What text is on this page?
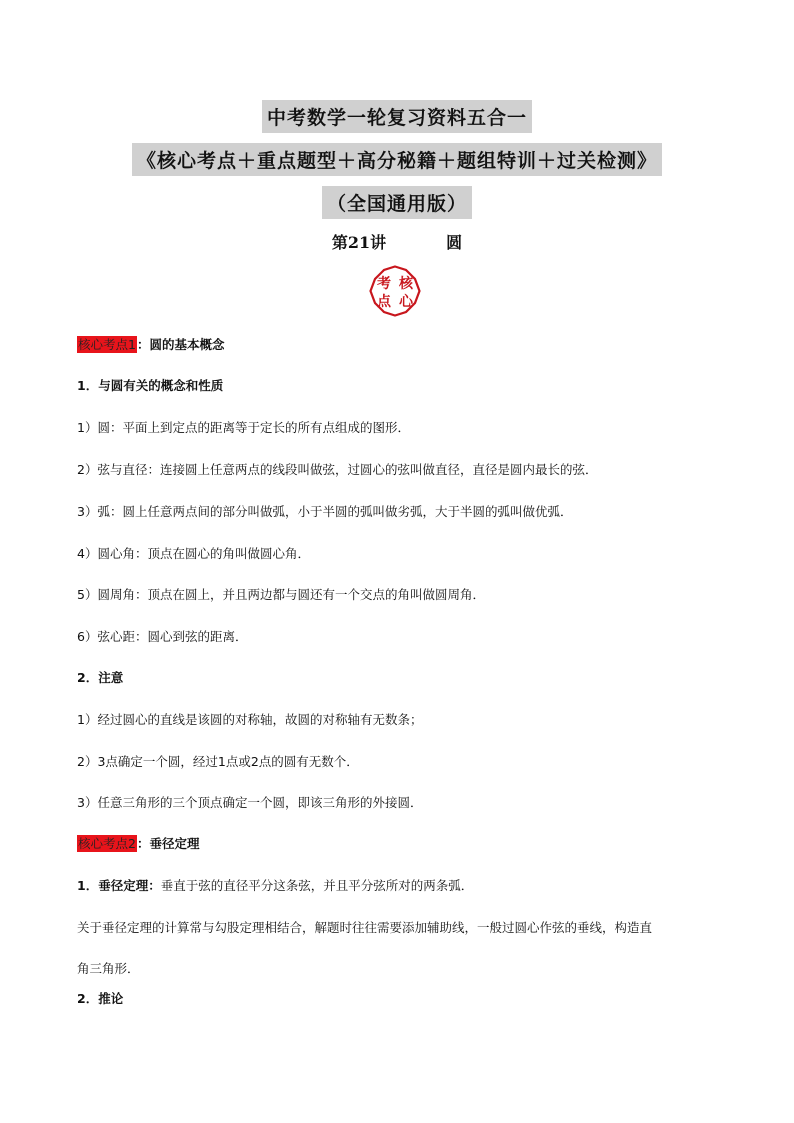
中考数学一轮复习资料五合一
《核心考点＋重点题型＋高分秘籍＋题组特训＋过关检测》
（全国通用版）
第21讲	圆
考 核
点 心
核心考点1：圆的基本概念
1．与圆有关的概念和性质
1）圆：平面上到定点的距离等于定长的所有点组成的图形．
2）弦与直径：连接圆上任意两点的线段叫做弦，过圆心的弦叫做直径，直径是圆内最长的弦．
3）弧：圆上任意两点间的部分叫做弧，小于半圆的弧叫做劣弧，大于半圆的弧叫做优弧．
4）圆心角：顶点在圆心的角叫做圆心角．
5）圆周角：顶点在圆上，并且两边都与圆还有一个交点的角叫做圆周角．
6）弦心距：圆心到弦的距离．
2．注意
1）经过圆心的直线是该圆的对称轴，故圆的对称轴有无数条；
2）3点确定一个圆，经过1点或2点的圆有无数个．
3）任意三角形的三个顶点确定一个圆，即该三角形的外接圆．
核心考点2：垂径定理
1．垂径定理：垂直于弦的直径平分这条弦，并且平分弦所对的两条弧．
关于垂径定理的计算常与勾股定理相结合，解题时往往需要添加辅助线，一般过圆心作弦的垂线，构造直
角三角形．
2．推论
